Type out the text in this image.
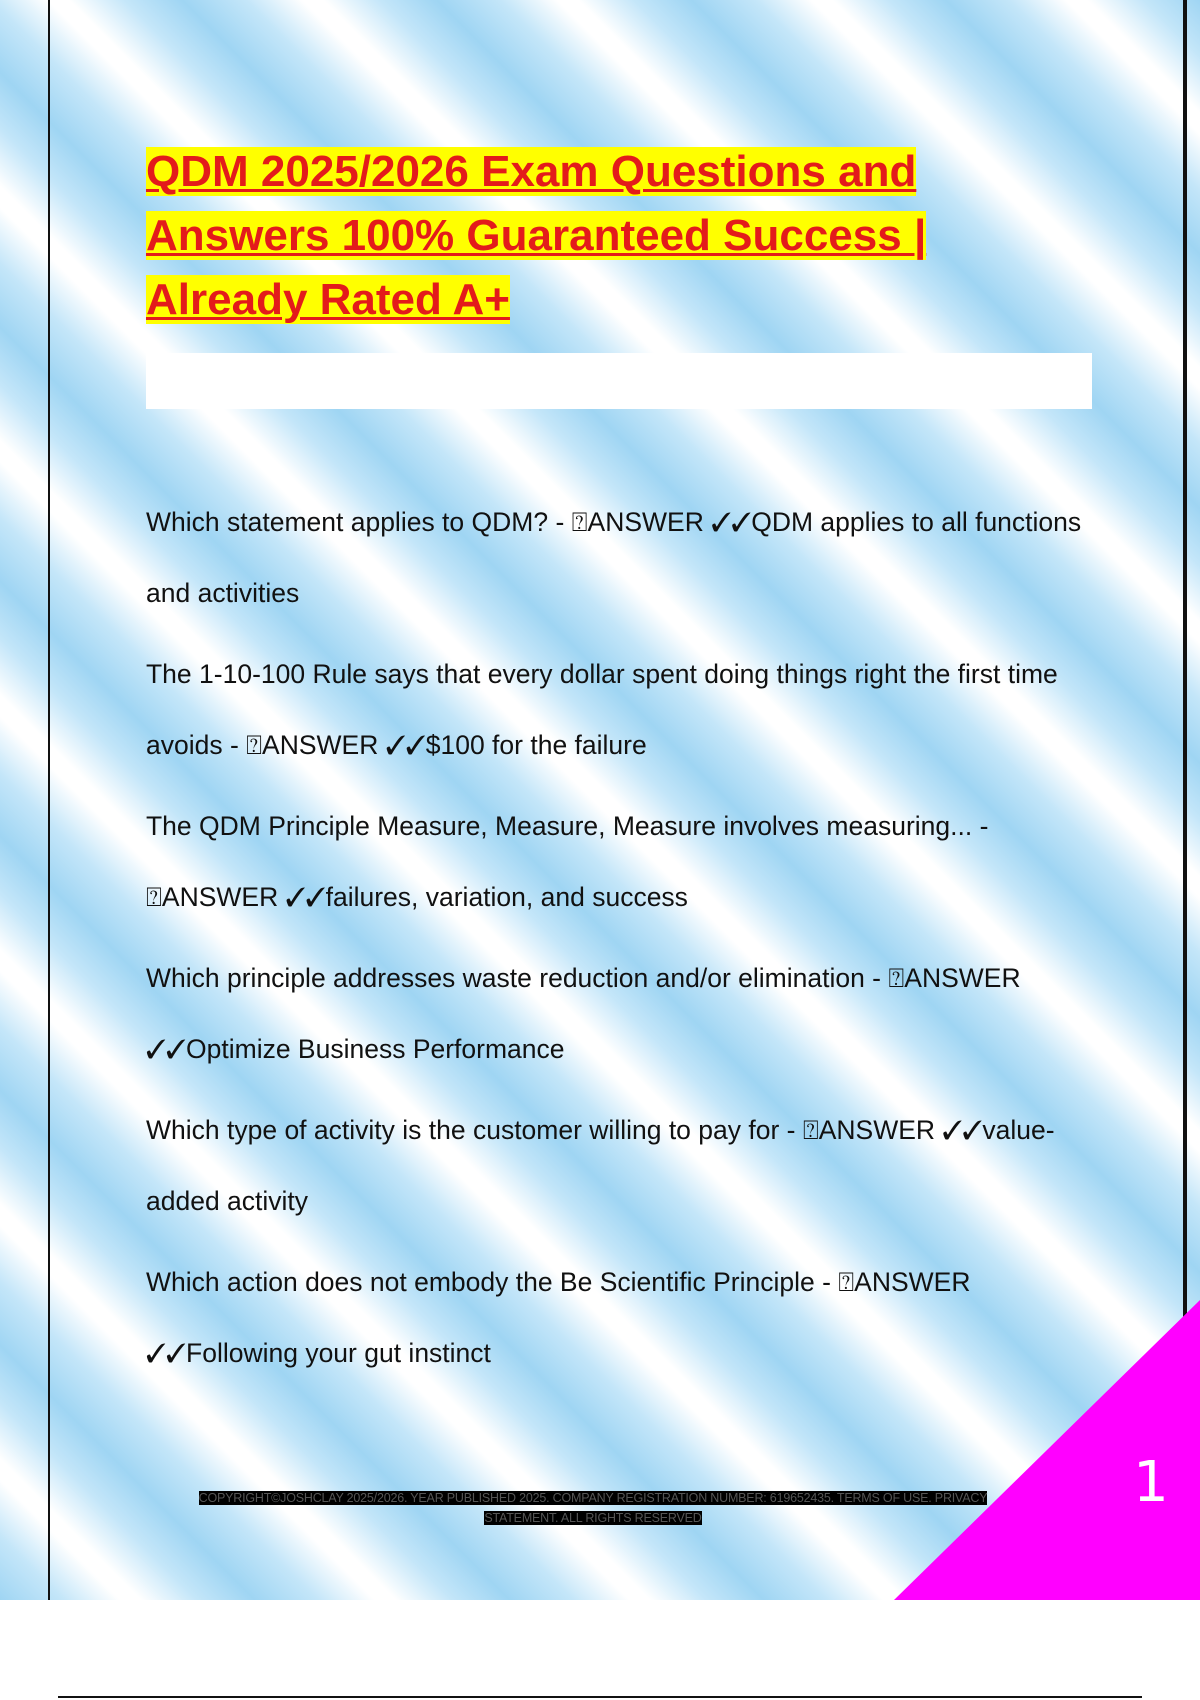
QDM 2025/2026 Exam Questions and Answers 100% Guaranteed Success | Already Rated A+
Which statement applies to QDM? - ⍰ANSWER ✓✓QDM applies to all functions and activities
The 1-10-100 Rule says that every dollar spent doing things right the first time avoids - ⍰ANSWER ✓✓$100 for the failure
The QDM Principle Measure, Measure, Measure involves measuring... - ⍰ANSWER ✓✓failures, variation, and success
Which principle addresses waste reduction and/or elimination - ⍰ANSWER ✓✓Optimize Business Performance
Which type of activity is the customer willing to pay for - ⍰ANSWER ✓✓value-added activity
Which action does not embody the Be Scientific Principle - ⍰ANSWER ✓✓Following your gut instinct
COPYRIGHT©JOSHCLAY 2025/2026. YEAR PUBLISHED 2025. COMPANY REGISTRATION NUMBER: 619652435. TERMS OF USE. PRIVACY STATEMENT. ALL RIGHTS RESERVED
1
